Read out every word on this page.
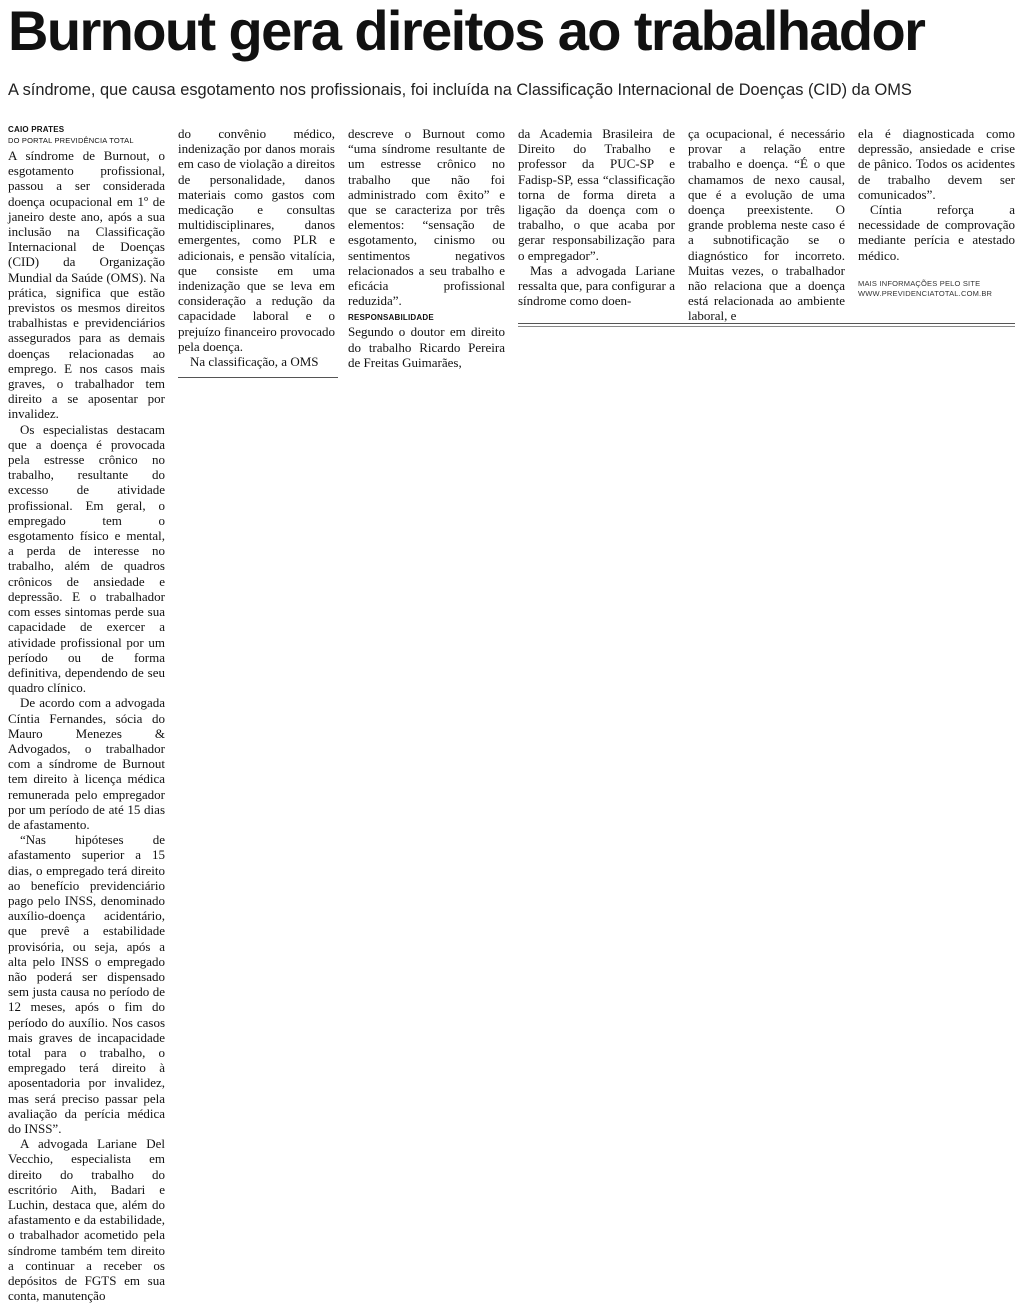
Burnout gera direitos ao trabalhador

A síndrome, que causa esgotamento nos profissionais, foi incluída na Classificação Internacional de Doenças (CID) da OMS

CAIO PRATES
DO PORTAL PREVIDÊNCIA TOTAL

A síndrome de Burnout, o esgotamento profissional, passou a ser considerada doença ocupacional em 1º de janeiro deste ano, após a sua inclusão na Classificação Internacional de Doenças (CID) da Organização Mundial da Saúde (OMS). Na prática, significa que estão previstos os mesmos direitos trabalhistas e previdenciários assegurados para as demais doenças relacionadas ao emprego. E nos casos mais graves, o trabalhador tem direito a se aposentar por invalidez.

Os especialistas destacam que a doença é provocada pela estresse crônico no trabalho, resultante do excesso de atividade profissional. Em geral, o empregado tem o esgotamento físico e mental, a perda de interesse no trabalho, além de quadros crônicos de ansiedade e depressão. E o trabalhador com esses sintomas perde sua capacidade de exercer a atividade profissional por um período ou de forma definitiva, dependendo de seu quadro clínico.

De acordo com a advogada Cíntia Fernandes, sócia do Mauro Menezes & Advogados, o trabalhador com a síndrome de Burnout tem direito à licença médica remunerada pelo empregador por um período de até 15 dias de afastamento.

“Nas hipóteses de afastamento superior a 15 dias, o empregado terá direito ao benefício previdenciário pago pelo INSS, denominado auxílio-doença acidentário, que prevê a estabilidade provisória, ou seja, após a alta pelo INSS o empregado não poderá ser dispensado sem justa causa no período de 12 meses, após o fim do período do auxílio. Nos casos mais graves de incapacidade total para o trabalho, o empregado terá direito à aposentadoria por invalidez, mas será preciso passar pela avaliação da perícia médica do INSS”.

A advogada Lariane Del Vecchio, especialista em direito do trabalho do escritório Aith, Badari e Luchin, destaca que, além do afastamento e da estabilidade, o trabalhador acometido pela síndrome também tem direito a continuar a receber os depósitos de FGTS em sua conta, manutenção

do convênio médico, indenização por danos morais em caso de violação a direitos de personalidade, danos materiais como gastos com medicação e consultas multidisciplinares, danos emergentes, como PLR e adicionais, e pensão vitalícia, que consiste em uma indenização que se leva em consideração a redução da capacidade laboral e o prejuízo financeiro provocado pela doença.

Na classificação, a OMS

descreve o Burnout como “uma síndrome resultante de um estresse crônico no trabalho que não foi administrado com êxito” e que se caracteriza por três elementos: “sensação de esgotamento, cinismo ou sentimentos negativos relacionados a seu trabalho e eficácia profissional reduzida”.

RESPONSABILIDADE

Segundo o doutor em direito do trabalho Ricardo Pereira de Freitas Guimarães,

da Academia Brasileira de Direito do Trabalho e professor da PUC-SP e Fadisp-SP, essa “classificação torna de forma direta a ligação da doença com o trabalho, o que acaba por gerar responsabilização para o empregador”.

Mas a advogada Lariane ressalta que, para configurar a síndrome como doen-

ça ocupacional, é necessário provar a relação entre trabalho e doença. “É o que chamamos de nexo causal, que é a evolução de uma doença preexistente. O grande problema neste caso é a subnotificação se o diagnóstico for incorreto. Muitas vezes, o trabalhador não relaciona que a doença está relacionada ao ambiente laboral, e

ela é diagnosticada como depressão, ansiedade e crise de pânico. Todos os acidentes de trabalho devem ser comunicados”.

Cíntia reforça a necessidade de comprovação mediante perícia e atestado médico.

MAIS INFORMAÇÕES PELO SITE
WWW.PREVIDENCIATOTAL.COM.BR
